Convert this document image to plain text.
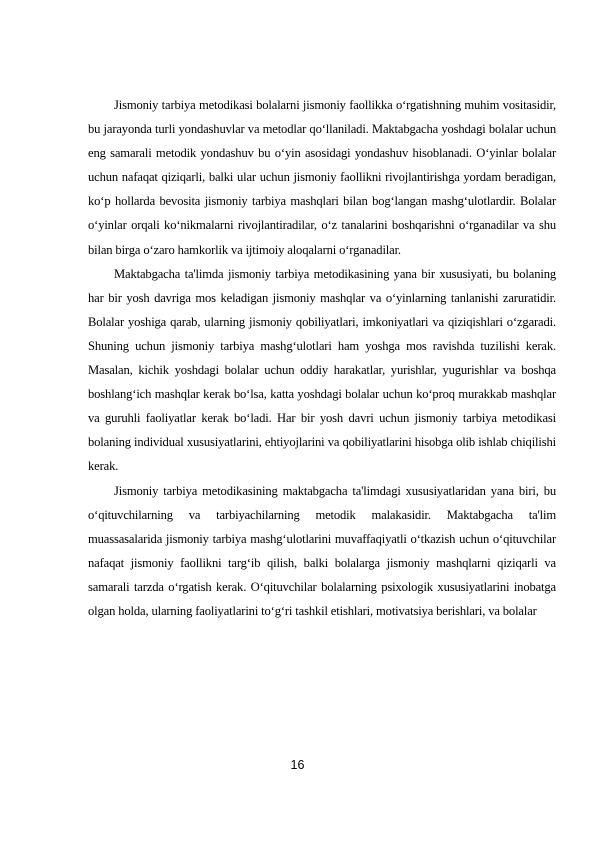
Jismoniy tarbiya metodikasi bolalarni jismoniy faollikka o‘rgatishning muhim vositasidir, bu jarayonda turli yondashuvlar va metodlar qo‘llaniladi. Maktabgacha yoshdagi bolalar uchun eng samarali metodik yondashuv bu o‘yin asosidagi yondashuv hisoblanadi. O‘yinlar bolalar uchun nafaqat qiziqarli, balki ular uchun jismoniy faollikni rivojlantirishga yordam beradigan, ko‘p hollarda bevosita jismoniy tarbiya mashqlari bilan bog‘langan mashg‘ulotlardir. Bolalar o‘yinlar orqali ko‘nikmalarni rivojlantiradilar, o‘z tanalarini boshqarishni o‘rganadilar va shu bilan birga o‘zaro hamkorlik va ijtimoiy aloqalarni o‘rganadilar.

Maktabgacha ta'limda jismoniy tarbiya metodikasining yana bir xususiyati, bu bolaning har bir yosh davriga mos keladigan jismoniy mashqlar va o‘yinlarning tanlanishi zaruratidir. Bolalar yoshiga qarab, ularning jismoniy qobiliyatlari, imkoniyatlari va qiziqishlari o‘zgaradi. Shuning uchun jismoniy tarbiya mashg‘ulotlari ham yoshga mos ravishda tuzilishi kerak. Masalan, kichik yoshdagi bolalar uchun oddiy harakatlar, yurishlar, yugurishlar va boshqa boshlang‘ich mashqlar kerak bo‘lsa, katta yoshdagi bolalar uchun ko‘proq murakkab mashqlar va guruhli faoliyatlar kerak bo‘ladi. Har bir yosh davri uchun jismoniy tarbiya metodikasi bolaning individual xususiyatlarini, ehtiyojlarini va qobiliyatlarini hisobga olib ishlab chiqilishi kerak.

Jismoniy tarbiya metodikasining maktabgacha ta'limdagi xususiyatlaridan yana biri, bu o‘qituvchilarning va tarbiyachilarning metodik malakasidir. Maktabgacha ta'lim muassasalarida jismoniy tarbiya mashg‘ulotlarini muvaffaqiyatli o‘tkazish uchun o‘qituvchilar nafaqat jismoniy faollikni targ‘ib qilish, balki bolalarga jismoniy mashqlarni qiziqarli va samarali tarzda o‘rgatish kerak. O‘qituvchilar bolalarning psixologik xususiyatlarini inobatga olgan holda, ularning faoliyatlarini to‘g‘ri tashkil etishlari, motivatsiya berishlari, va bolalar

16
